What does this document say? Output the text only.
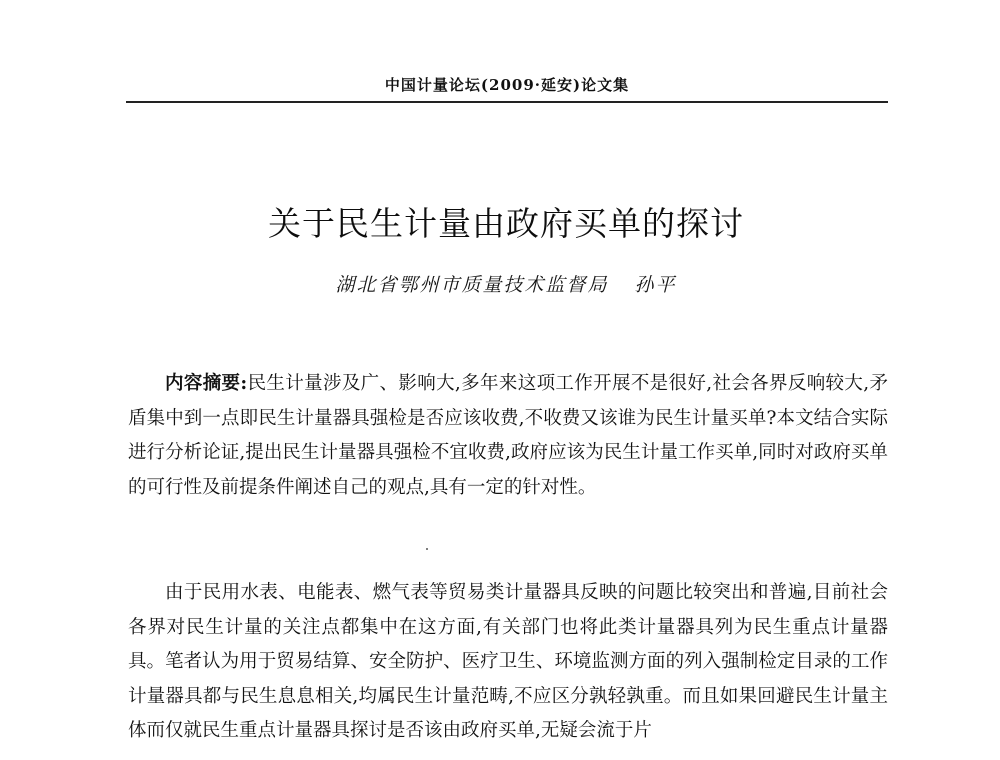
中国计量论坛(2009·延安)论文集
关于民生计量由政府买单的探讨
湖北省鄂州市质量技术监督局 孙平

内容摘要:民生计量涉及广、影响大,多年来这项工作开展不是很好,社会各界反响较大,矛盾集中到一点即民生计量器具强检是否应该收费,不收费又该谁为民生计量买单?本文结合实际进行分析论证,提出民生计量器具强检不宜收费,政府应该为民生计量工作买单,同时对政府买单的可行性及前提条件阐述自己的观点,具有一定的针对性。

由于民用水表、电能表、燃气表等贸易类计量器具反映的问题比较突出和普遍,目前社会各界对民生计量的关注点都集中在这方面,有关部门也将此类计量器具列为民生重点计量器具。笔者认为用于贸易结算、安全防护、医疗卫生、环境监测方面的列入强制检定目录的工作计量器具都与民生息息相关,均属民生计量范畴,不应区分孰轻孰重。而且如果回避民生计量主体而仅就民生重点计量器具探讨是否该由政府买单,无疑会流于片
